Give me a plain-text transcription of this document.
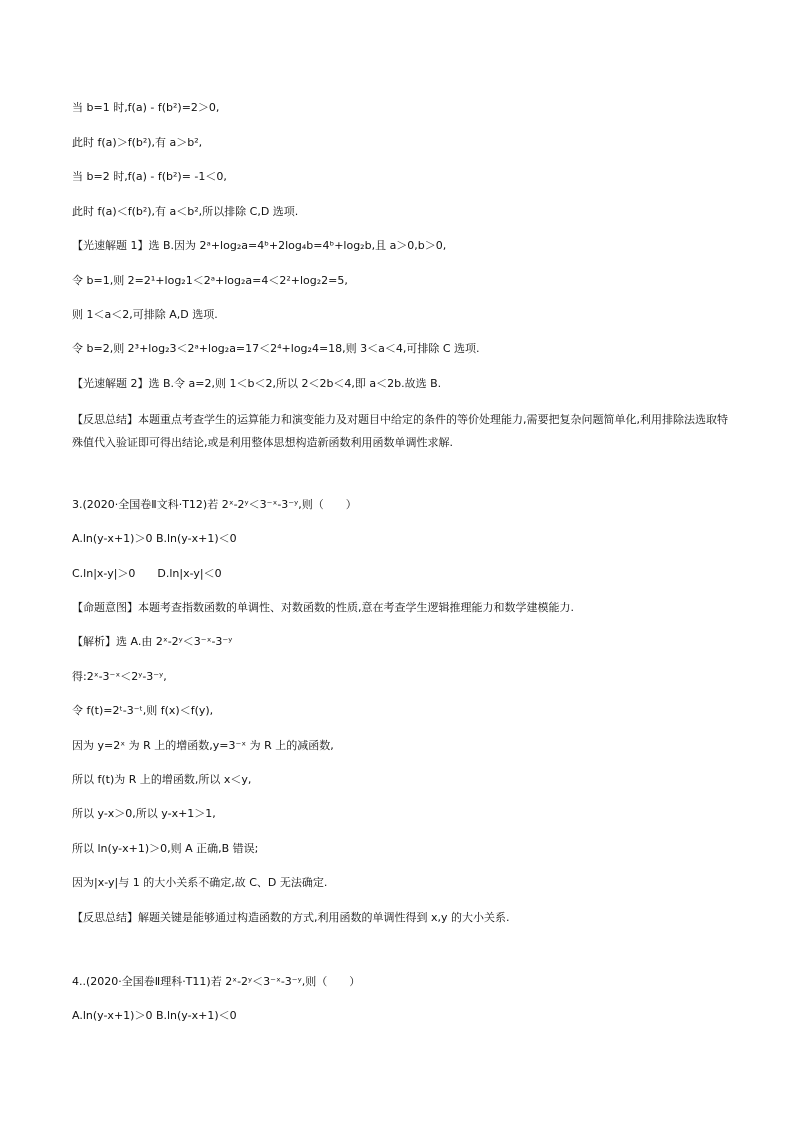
当 b=1 时,f(a) - f(b²)=2＞0,
此时 f(a)＞f(b²),有 a＞b²,
当 b=2 时,f(a) - f(b²)= -1＜0,
此时 f(a)＜f(b²),有 a＜b²,所以排除 C,D 选项.
【光速解题 1】选 B.因为 2ᵃ+log₂a=4ᵇ+2log₄b=4ᵇ+log₂b,且 a＞0,b＞0,
令 b=1,则 2=2¹+log₂1＜2ᵃ+log₂a=4＜2²+log₂2=5,
则 1＜a＜2,可排除 A,D 选项.
令 b=2,则 2³+log₂3＜2ᵃ+log₂a=17＜2⁴+log₂4=18,则 3＜a＜4,可排除 C 选项.
【光速解题 2】选 B.令 a=2,则 1＜b＜2,所以 2＜2b＜4,即 a＜2b.故选 B.
【反思总结】本题重点考查学生的运算能力和演变能力及对题目中给定的条件的等价处理能力,需要把复杂问题简单化,利用排除法选取特殊值代入验证即可得出结论,或是利用整体思想构造新函数利用函数单调性求解.
3.(2020·全国卷Ⅱ文科·T12)若 2ˣ-2ʸ＜3⁻ˣ-3⁻ʸ,则（　　）
A.ln(y-x+1)＞0 B.ln(y-x+1)＜0
C.ln|x-y|＞0　　D.ln|x-y|＜0
【命题意图】本题考查指数函数的单调性、对数函数的性质,意在考查学生逻辑推理能力和数学建模能力.
【解析】选 A.由 2ˣ-2ʸ＜3⁻ˣ-3⁻ʸ
得:2ˣ-3⁻ˣ＜2ʸ-3⁻ʸ,
令 f(t)=2ᵗ-3⁻ᵗ,则 f(x)＜f(y),
因为 y=2ˣ 为 R 上的增函数,y=3⁻ˣ 为 R 上的减函数,
所以 f(t)为 R 上的增函数,所以 x＜y,
所以 y-x＞0,所以 y-x+1＞1,
所以 ln(y-x+1)＞0,则 A 正确,B 错误;
因为|x-y|与 1 的大小关系不确定,故 C、D 无法确定.
【反思总结】解题关键是能够通过构造函数的方式,利用函数的单调性得到 x,y 的大小关系.
4..(2020·全国卷Ⅱ理科·T11)若 2ˣ-2ʸ＜3⁻ˣ-3⁻ʸ,则（　　）
A.ln(y-x+1)＞0 B.ln(y-x+1)＜0
